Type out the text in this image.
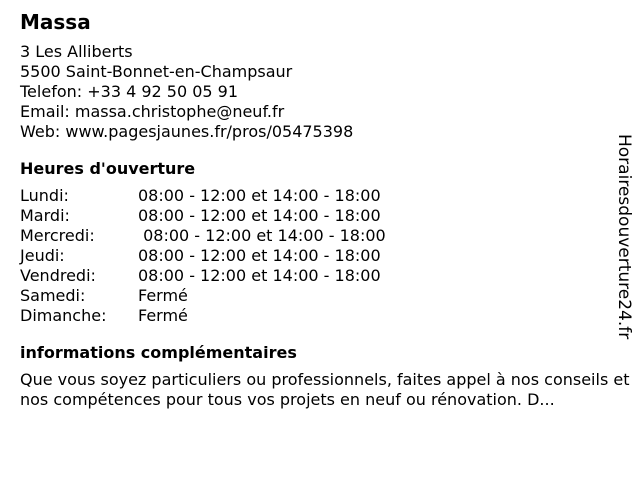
Massa
3 Les Alliberts
5500 Saint-Bonnet-en-Champsaur
Telefon: +33 4 92 50 05 91
Email: massa.christophe@neuf.fr
Web: www.pagesjaunes.fr/pros/05475398
Heures d'ouverture
Lundi:	08:00 - 12:00 et 14:00 - 18:00
Mardi:	08:00 - 12:00 et 14:00 - 18:00
Mercredi:	08:00 - 12:00 et 14:00 - 18:00
Jeudi:	08:00 - 12:00 et 14:00 - 18:00
Vendredi:	08:00 - 12:00 et 14:00 - 18:00
Samedi:	Fermé
Dimanche:	Fermé
informations complémentaires
Que vous soyez particuliers ou professionnels, faites appel à nos conseils et nos compétences pour tous vos projets en neuf ou rénovation. D...
Horairesdouverture24.fr
